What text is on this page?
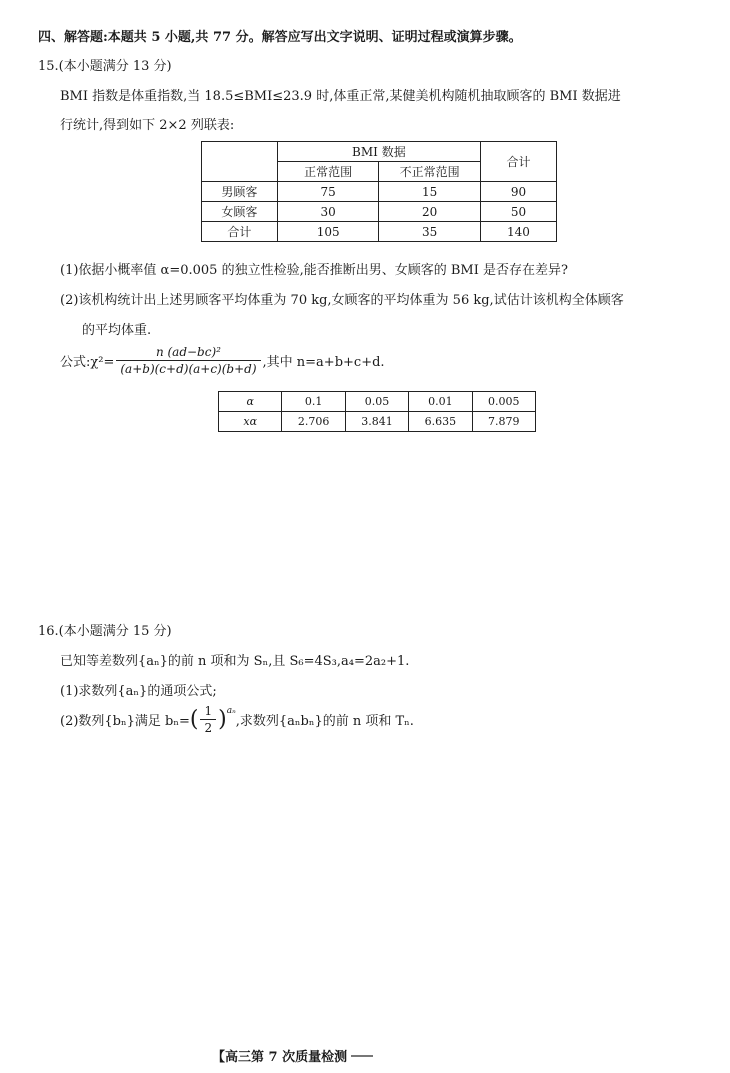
四、解答题:本题共 5 小题,共 77 分。解答应写出文字说明、证明过程或演算步骤。
15.(本小题满分 13 分)
BMI 指数是体重指数,当 18.5≤BMI≤23.9 时,体重正常,某健美机构随机抽取顾客的 BMI 数据进
行统计,得到如下 2×2 列联表:
	BMI 数据		合计
	正常范围	不正常范围	
男顾客	75	15	90
女顾客	30	20	50
合计	105	35	140
(1)依据小概率值 α=0.005 的独立性检验,能否推断出男、女顾客的 BMI 是否存在差异?
(2)该机构统计出上述男顾客平均体重为 70 kg,女顾客的平均体重为 56 kg,试估计该机构全体顾客
的平均体重.
公式:χ²= $\frac{\text{n (ad−bc)²}}{(a+b)(c+d)(a+c)(b+d)}$ ,其中 n=a+b+c+d.
α	0.1	0.05	0.01	0.005
xα	2.706	3.841	6.635	7.879
16.(本小题满分 15 分)
已知等差数列{aₙ}的前 n 项和为 Sₙ,且 S₆=4S₃,a₄=2a₂+1.
(1)求数列{aₙ}的通项公式;
(2)数列{bₙ}满足 bₙ= ( $\frac{1}{2}$ ) aₙ
,求数列{aₙbₙ}的前 n 项和 Tₙ.
【高三第 7 次质量检测
